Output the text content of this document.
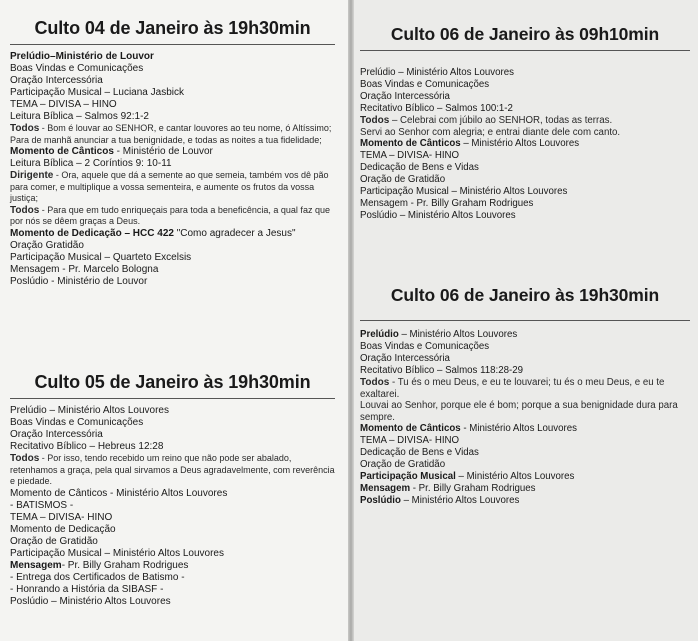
Culto 04 de Janeiro às 19h30min
Prelúdio–Ministério de Louvor
Boas Vindas e Comunicações
Oração Intercessória
Participação Musical – Luciana Jasbick
TEMA – DIVISA – HINO
Leitura Bíblica – Salmos 92:1-2
Todos - Bom é louvar ao SENHOR, e cantar louvores ao teu nome, ó Altíssimo;
Para de manhã anunciar a tua benignidade, e todas as noites a tua fidelidade;
Momento de Cânticos - Ministério de Louvor
Leitura Bíblica – 2 Coríntios 9: 10-11
Dirigente - Ora, aquele que dá a semente ao que semeia, também vos dê pão para comer, e multiplique a vossa sementeira, e aumente os frutos da vossa justiça;
Todos - Para que em tudo enriqueçais para toda a beneficência, a qual faz que por nós se dêem graças a Deus.
Momento de Dedicação – HCC 422 "Como agradecer a Jesus"
Oração Gratidão
Participação Musical – Quarteto Excelsis
Mensagem - Pr. Marcelo Bologna
Poslúdio - Ministério de Louvor
Culto 05 de Janeiro às 19h30min
Prelúdio – Ministério Altos Louvores
Boas Vindas e Comunicações
Oração Intercessória
Recitativo Bíblico – Hebreus 12:28
Todos - Por isso, tendo recebido um reino que não pode ser abalado, retenhamos a graça, pela qual sirvamos a Deus agradavelmente, com reverência e piedade.
Momento de Cânticos - Ministério Altos Louvores
- BATISMOS -
TEMA – DIVISA- HINO
Momento de Dedicação
Oração de Gratidão
Participação Musical – Ministério Altos Louvores
Mensagem- Pr. Billy Graham Rodrigues
- Entrega dos Certificados de Batismo -
- Honrando a História da SIBASF -
Poslúdio – Ministério Altos Louvores
Culto 06 de Janeiro às 09h10min
Prelúdio – Ministério Altos Louvores
Boas Vindas e Comunicações
Oração Intercessória
Recitativo Bíblico – Salmos 100:1-2
Todos – Celebrai com júbilo ao SENHOR, todas as terras.
Servi ao Senhor com alegria; e entrai diante dele com canto.
Momento de Cânticos – Ministério Altos Louvores
TEMA – DIVISA- HINO
Dedicação de Bens e Vidas
Oração de Gratidão
Participação Musical – Ministério Altos Louvores
Mensagem - Pr. Billy Graham Rodrigues
Poslúdio – Ministério Altos Louvores
Culto 06 de Janeiro às 19h30min
Prelúdio – Ministério Altos Louvores
Boas Vindas e Comunicações
Oração Intercessória
Recitativo Bíblico – Salmos 118:28-29
Todos - Tu és o meu Deus, e eu te louvarei; tu és o meu Deus, e eu te exaltarei.
Louvai ao Senhor, porque ele é bom; porque a sua benignidade dura para sempre.
Momento de Cânticos - Ministério Altos Louvores
TEMA – DIVISA- HINO
Dedicação de Bens e Vidas
Oração de Gratidão
Participação Musical – Ministério Altos Louvores
Mensagem - Pr. Billy Graham Rodrigues
Poslúdio – Ministério Altos Louvores
